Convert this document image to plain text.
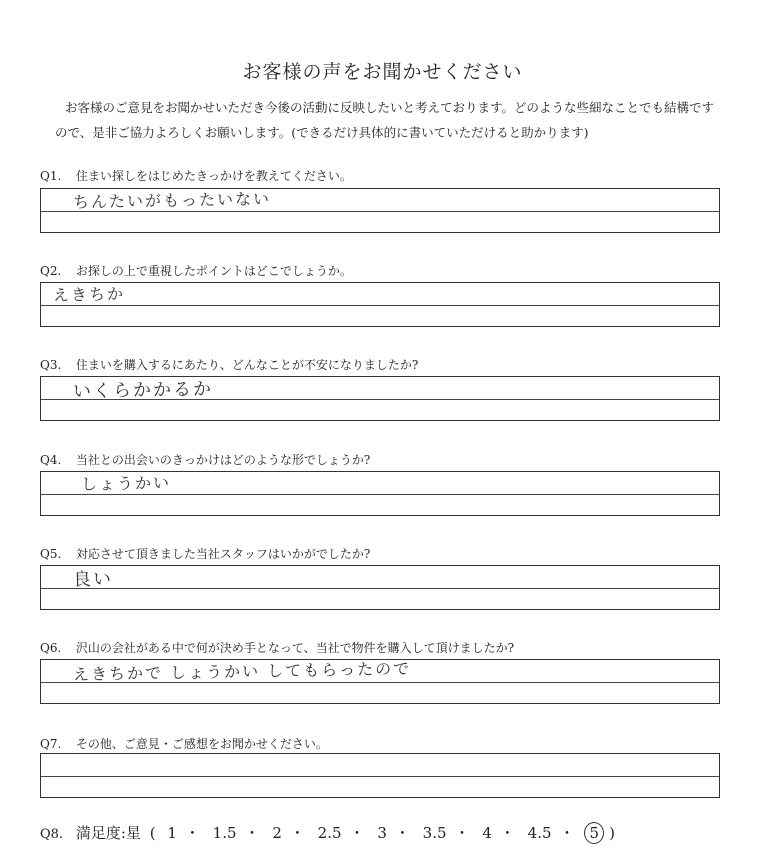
お客様の声をお聞かせください
お客様のご意見をお聞かせいただき今後の活動に反映したいと考えております。どのような些細なことでも結構ですので、是非ご協力よろしくお願いします。(できるだけ具体的に書いていただけると助かります)
Q1. 住まい探しをはじめたきっかけを教えてください。
ちんたいがもったいない
Q2. お探しの上で重視したポイントはどこでしょうか。
えきちか
Q3. 住まいを購入するにあたり、どんなことが不安になりましたか?
いくらかかるか
Q4. 当社との出会いのきっかけはどのような形でしょうか?
しょうかい
Q5. 対応させて頂きました当社スタッフはいかがでしたか?
良い
Q6. 沢山の会社がある中で何が決め手となって、当社で物件を購入して頂けましたか?
えきちかで しょうかい してもらったので
Q7. その他、ご意見・ご感想をお聞かせください。
Q8. 満足度:星 ( 1 ・ 1.5 ・ 2 ・ 2.5 ・ 3 ・ 3.5 ・ 4 ・ 4.5 ・ 5 )
